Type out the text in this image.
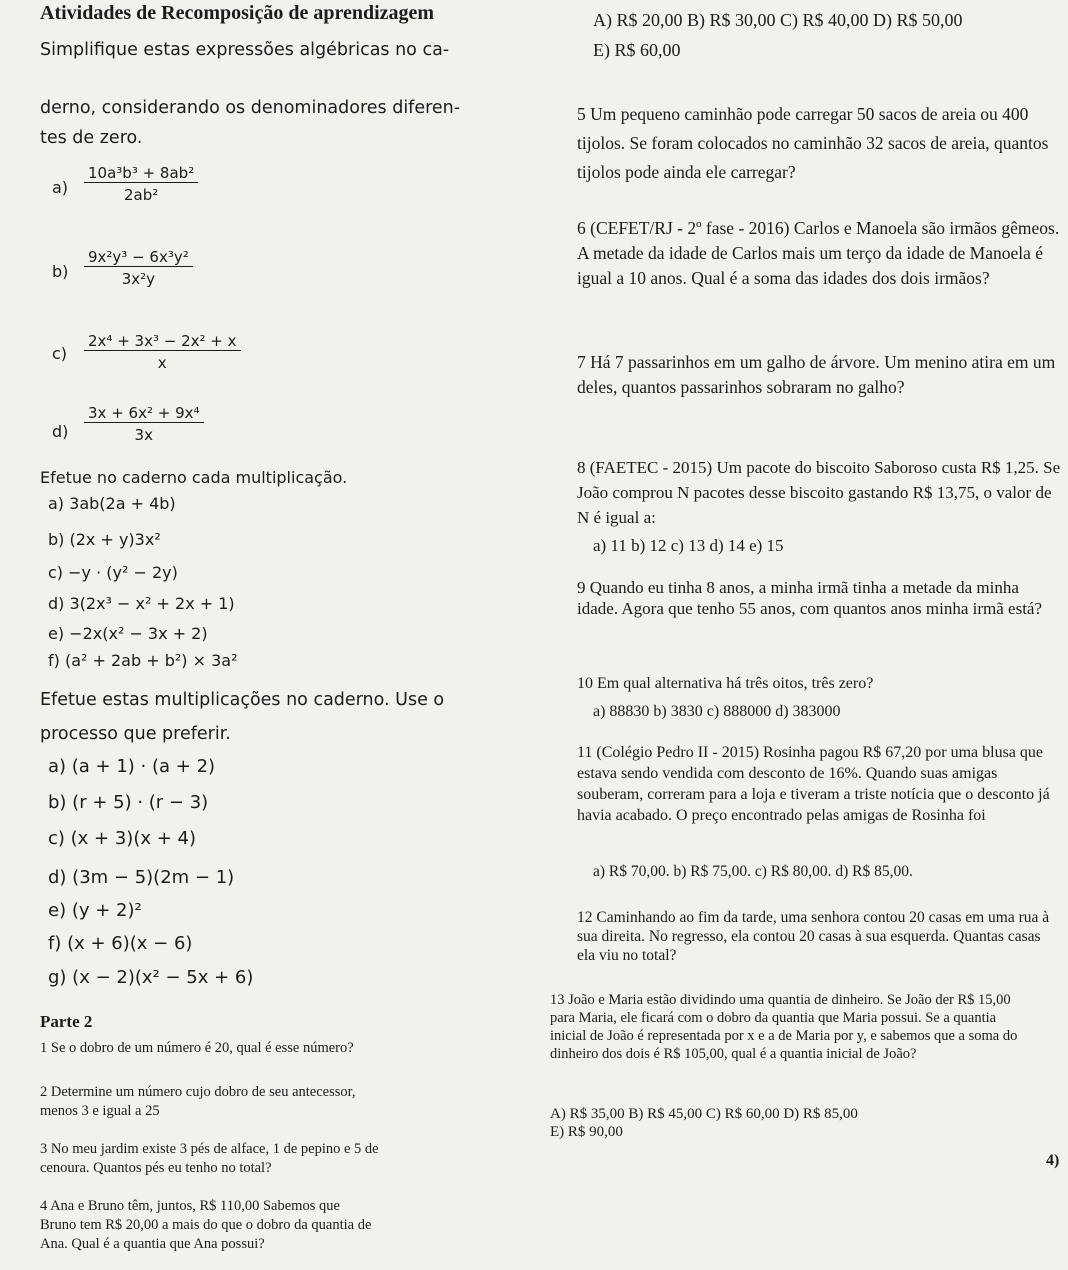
Atividades de Recomposição de aprendizagem
Simplifique estas expressões algébricas no ca-
derno, considerando os denominadores diferen-
tes de zero.
$a) \frac{\text{10a³b³ + 8ab²}}{\text{2ab²}}$
$b) \frac{\text{9x²y³ − 6x³y²}}{\text{3x²y}}$
$c) \frac{\text{2x⁴ + 3x³ − 2x² + x}}{x}$
$d) \frac{\text{3x + 6x² + 9x⁴}}{3x}$
Efetue no caderno cada multiplicação.
a) 3ab(2a + 4b)
b) (2x + y)3x²
c) −y · (y² − 2y)
d) 3(2x³ − x² + 2x + 1)
e) −2x(x² − 3x + 2)
f) (a² + 2ab + b²) × 3a²
Efetue estas multiplicações no caderno. Use o
processo que preferir.
a) (a + 1) · (a + 2)
b) (r + 5) · (r − 3)
c) (x + 3)(x + 4)
d) (3m − 5)(2m − 1)
e) (y + 2)²
f) (x + 6)(x − 6)
g) (x − 2)(x² − 5x + 6)
Parte 2
1 Se o dobro de um número é 20, qual é esse número?
2 Determine um número cujo dobro de seu antecessor,
menos 3 e igual a 25
3 No meu jardim existe 3 pés de alface, 1 de pepino e 5 de
cenoura. Quantos pés eu tenho no total?
4 Ana e Bruno têm, juntos, R$ 110,00 Sabemos que
Bruno tem R$ 20,00 a mais do que o dobro da quantia de
Ana. Qual é a quantia que Ana possui?
A) R$ 20,00 B) R$ 30,00 C) R$ 40,00 D) R$ 50,00
E) R$ 60,00
5 Um pequeno caminhão pode carregar 50 sacos de areia ou 400 tijolos. Se foram colocados no caminhão 32 sacos de areia, quantos tijolos pode ainda ele carregar?
6 (CEFET/RJ - 2º fase - 2016) Carlos e Manoela são irmãos gêmeos. A metade da idade de Carlos mais um terço da idade de Manoela é igual a 10 anos. Qual é a soma das idades dos dois irmãos?
7 Há 7 passarinhos em um galho de árvore. Um menino atira em um deles, quantos passarinhos sobraram no galho?
8 (FAETEC - 2015) Um pacote do biscoito Saboroso custa R$ 1,25. Se João comprou N pacotes desse biscoito gastando R$ 13,75, o valor de N é igual a:
a) 11 b) 12 c) 13 d) 14 e) 15
9 Quando eu tinha 8 anos, a minha irmã tinha a metade da minha idade. Agora que tenho 55 anos, com quantos anos minha irmã está?
10 Em qual alternativa há três oitos, três zero?
a) 88830 b) 3830 c) 888000 d) 383000
11 (Colégio Pedro II - 2015) Rosinha pagou R$ 67,20 por uma blusa que estava sendo vendida com desconto de 16%. Quando suas amigas souberam, correram para a loja e tiveram a triste notícia que o desconto já havia acabado. O preço encontrado pelas amigas de Rosinha foi
a) R$ 70,00. b) R$ 75,00. c) R$ 80,00. d) R$ 85,00.
12 Caminhando ao fim da tarde, uma senhora contou 20 casas em uma rua à sua direita. No regresso, ela contou 20 casas à sua esquerda. Quantas casas ela viu no total?
13 João e Maria estão dividindo uma quantia de dinheiro. Se João der R$ 15,00 para Maria, ele ficará com o dobro da quantia que Maria possui. Se a quantia inicial de João é representada por x e a de Maria por y, e sabemos que a soma do dinheiro dos dois é R$ 105,00, qual é a quantia inicial de João?
A) R$ 35,00 B) R$ 45,00 C) R$ 60,00 D) R$ 85,00
E) R$ 90,00
4)
